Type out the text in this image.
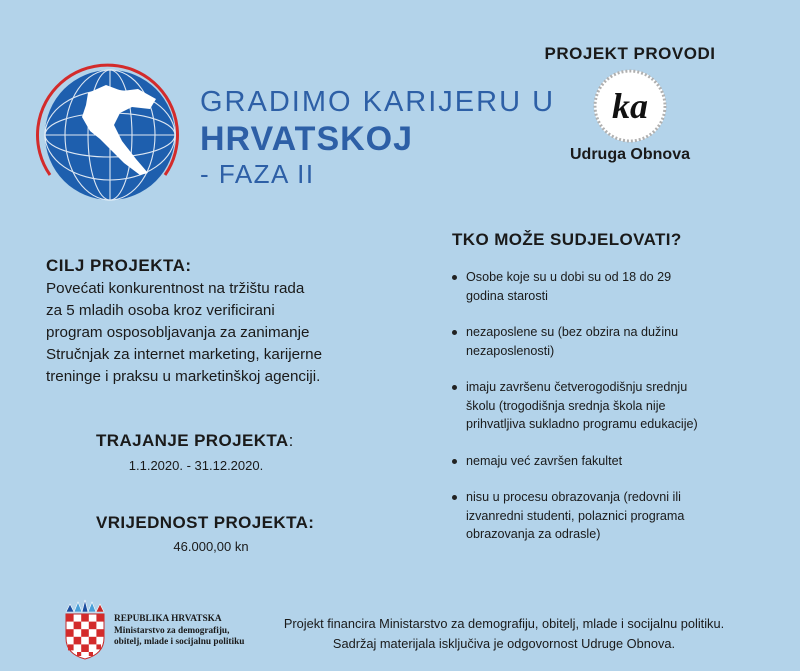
GRADIMO KARIJERU U
HRVATSKOJ
- FAZA II
PROJEKT PROVODI
ka
Udruga Obnova
CILJ PROJEKTA:
Povećati konkurentnost na tržištu rada
za 5 mladih osoba kroz verificirani
program osposobljavanja za zanimanje
Stručnjak za internet marketing, karijerne
treninge i praksu u marketinškoj agenciji.
TRAJANJE PROJEKTA:
1.1.2020. - 31.12.2020.
VRIJEDNOST PROJEKTA:
46.000,00 kn
TKO MOŽE SUDJELOVATI?
Osobe koje su u dobi su od 18 do 29
godina starosti
nezaposlene su (bez obzira na dužinu
nezaposlenosti)
imaju završenu četverogodišnju srednju
školu (trogodišnja srednja škola nije
prihvatljiva sukladno programu edukacije)
nemaju već završen fakultet
nisu u procesu obrazovanja (redovni ili
izvanredni studenti, polaznici programa
obrazovanja za odrasle)
REPUBLIKA HRVATSKA
Ministarstvo za demografiju,
obitelj, mlade i socijalnu politiku
Projekt financira Ministarstvo za demografiju, obitelj, mlade i socijalnu politiku.
Sadržaj materijala isključiva je odgovornost Udruge Obnova.
